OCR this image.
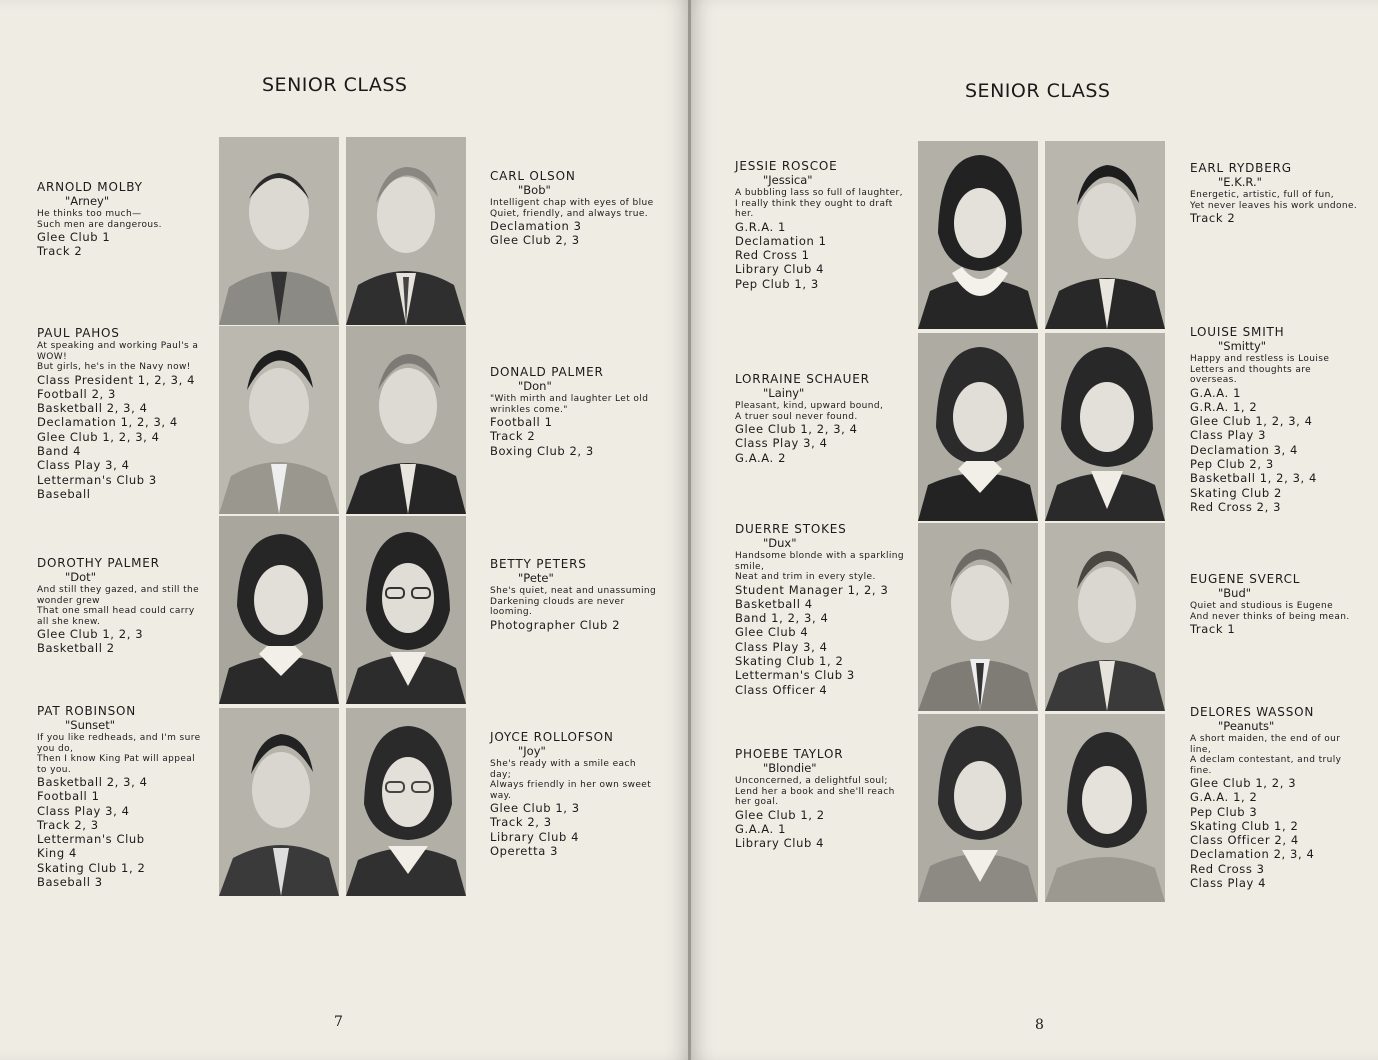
SENIOR CLASS

ARNOLD MOLBY

"Arney"

He thinks too much—
Such men are dangerous.

Glee Club 1

Track 2

PAUL PAHOS

At speaking and working Paul's a WOW!
But girls, he's in the Navy now!

Class President 1, 2, 3, 4

Football 2, 3

Basketball 2, 3, 4

Declamation 1, 2, 3, 4

Glee Club 1, 2, 3, 4

Band 4

Class Play 3, 4

Letterman's Club 3

Baseball

DOROTHY PALMER

"Dot"

And still they gazed, and still the wonder grew
That one small head could carry all she knew.

Glee Club 1, 2, 3

Basketball 2

PAT ROBINSON

"Sunset"

If you like redheads, and I'm sure you do,
Then I know King Pat will appeal to you.

Basketball 2, 3, 4

Football 1

Class Play 3, 4

Track 2, 3

Letterman's Club

King 4

Skating Club 1, 2

Baseball 3

CARL OLSON

"Bob"

Intelligent chap with eyes of blue
Quiet, friendly, and always true.

Declamation 3

Glee Club 2, 3

DONALD PALMER

"Don"

"With mirth and laughter Let old wrinkles come."

Football 1

Track 2

Boxing Club 2, 3

BETTY PETERS

"Pete"

She's quiet, neat and unassuming
Darkening clouds are never looming.

Photographer Club 2

JOYCE ROLLOFSON

"Joy"

She's ready with a smile each day;
Always friendly in her own sweet way.

Glee Club 1, 3

Track 2, 3

Library Club 4

Operetta 3

7
SENIOR CLASS

JESSIE ROSCOE

"Jessica"

A bubbling lass so full of laughter,
I really think they ought to draft her.

G.R.A. 1

Declamation 1

Red Cross 1

Library Club 4

Pep Club 1, 3

LORRAINE SCHAUER

"Lainy"

Pleasant, kind, upward bound,
A truer soul never found.

Glee Club 1, 2, 3, 4

Class Play 3, 4

G.A.A. 2

DUERRE STOKES

"Dux"

Handsome blonde with a sparkling smile,
Neat and trim in every style.

Student Manager 1, 2, 3

Basketball 4

Band 1, 2, 3, 4

Glee Club 4

Class Play 3, 4

Skating Club 1, 2

Letterman's Club 3

Class Officer 4

PHOEBE TAYLOR

"Blondie"

Unconcerned, a delightful soul;
Lend her a book and she'll reach her goal.

Glee Club 1, 2

G.A.A. 1

Library Club 4

EARL RYDBERG

"E.K.R."

Energetic, artistic, full of fun,
Yet never leaves his work undone.

Track 2

LOUISE SMITH

"Smitty"

Happy and restless is Louise
Letters and thoughts are overseas.

G.A.A. 1

G.R.A. 1, 2

Glee Club 1, 2, 3, 4

Class Play 3

Declamation 3, 4

Pep Club 2, 3

Basketball 1, 2, 3, 4

Skating Club 2

Red Cross 2, 3

EUGENE SVERCL

"Bud"

Quiet and studious is Eugene
And never thinks of being mean.

Track 1

DELORES WASSON

"Peanuts"

A short maiden, the end of our line,
A declam contestant, and truly fine.

Glee Club 1, 2, 3

G.A.A. 1, 2

Pep Club 3

Skating Club 1, 2

Class Officer 2, 4

Declamation 2, 3, 4

Red Cross 3

Class Play 4

8
